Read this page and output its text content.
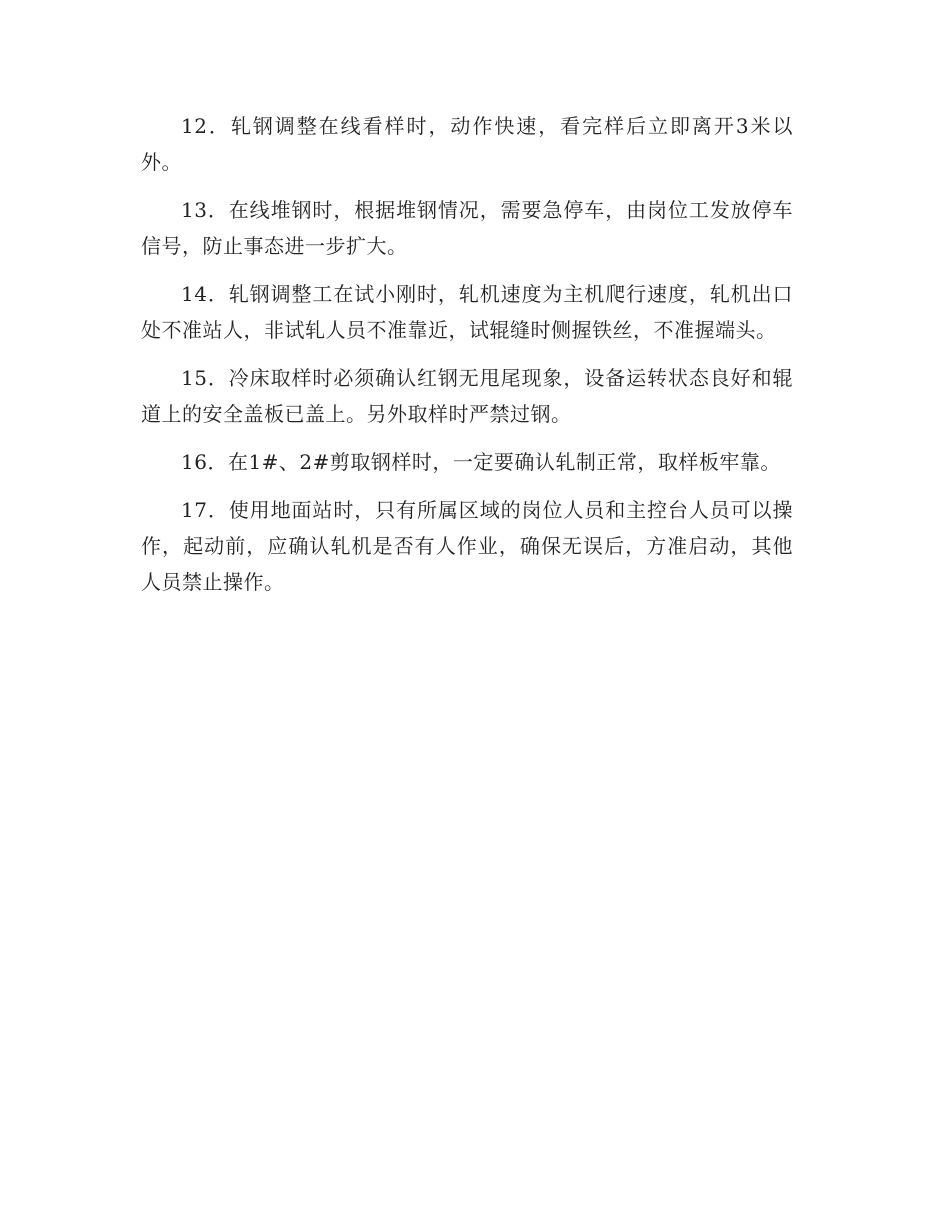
12．轧钢调整在线看样时，动作快速，看完样后立即离开3米以外。

13．在线堆钢时，根据堆钢情况，需要急停车，由岗位工发放停车信号，防止事态进一步扩大。

14．轧钢调整工在试小刚时，轧机速度为主机爬行速度，轧机出口处不准站人，非试轧人员不准靠近，试辊缝时侧握铁丝，不准握端头。

15．冷床取样时必须确认红钢无甩尾现象，设备运转状态良好和辊道上的安全盖板已盖上。另外取样时严禁过钢。

16．在1#、2#剪取钢样时，一定要确认轧制正常，取样板牢靠。

17．使用地面站时，只有所属区域的岗位人员和主控台人员可以操作，起动前，应确认轧机是否有人作业，确保无误后，方准启动，其他人员禁止操作。
